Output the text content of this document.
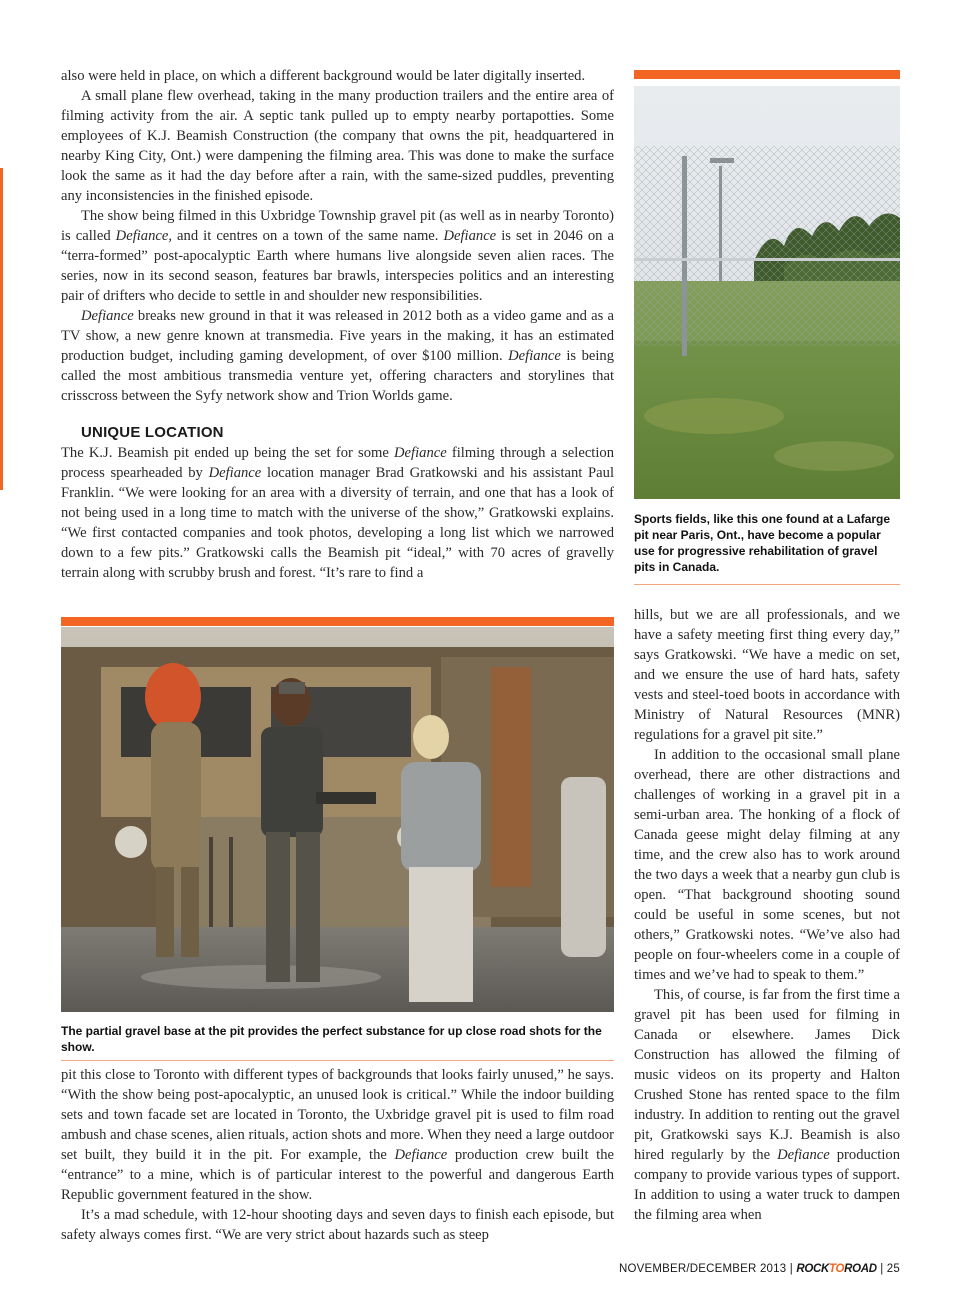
also were held in place, on which a different background would be later digitally inserted.

A small plane flew overhead, taking in the many production trailers and the entire area of filming activity from the air. A septic tank pulled up to empty nearby portapotties. Some employees of K.J. Beamish Construction (the company that owns the pit, headquartered in nearby King City, Ont.) were dampening the filming area. This was done to make the surface look the same as it had the day before after a rain, with the same-sized puddles, preventing any inconsistencies in the finished episode.

The show being filmed in this Uxbridge Township gravel pit (as well as in nearby Toronto) is called Defiance, and it centres on a town of the same name. Defiance is set in 2046 on a “terra-formed” post-apocalyptic Earth where humans live alongside seven alien races. The series, now in its second season, features bar brawls, interspecies politics and an interesting pair of drifters who decide to settle in and shoulder new responsibilities.

Defiance breaks new ground in that it was released in 2012 both as a video game and as a TV show, a new genre known at transmedia. Five years in the making, it has an estimated production budget, including gaming development, of over $100 million. Defiance is being called the most ambitious transmedia venture yet, offering characters and storylines that crisscross between the Syfy network show and Trion Worlds game.

UNIQUE LOCATION

The K.J. Beamish pit ended up being the set for some Defiance filming through a selection process spearheaded by Defiance location manager Brad Gratkowski and his assistant Paul Franklin. “We were looking for an area with a diversity of terrain, and one that has a look of not being used in a long time to match with the universe of the show,” Gratkowski explains. “We first contacted companies and took photos, developing a long list which we narrowed down to a few pits.” Gratkowski calls the Beamish pit “ideal,” with 70 acres of gravelly terrain along with scrubby brush and forest. “It’s rare to find a

Sports fields, like this one found at a Lafarge pit near Paris, Ont., have become a popular use for progressive rehabilitation of gravel pits in Canada.
The partial gravel base at the pit provides the perfect substance for up close road shots for the show.

pit this close to Toronto with different types of backgrounds that looks fairly unused,” he says. “With the show being post-apocalyptic, an unused look is critical.” While the indoor building sets and town facade set are located in Toronto, the Uxbridge gravel pit is used to film road ambush and chase scenes, alien rituals, action shots and more. When they need a large outdoor set built, they build it in the pit. For example, the Defiance production crew built the “entrance” to a mine, which is of particular interest to the powerful and dangerous Earth Republic government featured in the show.

It’s a mad schedule, with 12-hour shooting days and seven days to finish each episode, but safety always comes first. “We are very strict about hazards such as steep

hills, but we are all professionals, and we have a safety meeting first thing every day,” says Gratkowski. “We have a medic on set, and we ensure the use of hard hats, safety vests and steel-toed boots in accordance with Ministry of Natural Resources (MNR) regulations for a gravel pit site.”

In addition to the occasional small plane overhead, there are other distractions and challenges of working in a gravel pit in a semi-urban area. The honking of a flock of Canada geese might delay filming at any time, and the crew also has to work around the two days a week that a nearby gun club is open. “That background shooting sound could be useful in some scenes, but not others,” Gratkowski notes. “We’ve also had people on four-wheelers come in a couple of times and we’ve had to speak to them.”

This, of course, is far from the first time a gravel pit has been used for filming in Canada or elsewhere. James Dick Construction has allowed the filming of music videos on its property and Halton Crushed Stone has rented space to the film industry. In addition to renting out the gravel pit, Gratkowski says K.J. Beamish is also hired regularly by the Defiance production company to provide various types of support. In addition to using a water truck to dampen the filming area when

NOVEMBER/DECEMBER 2013 | ROCKTOROAD | 25
